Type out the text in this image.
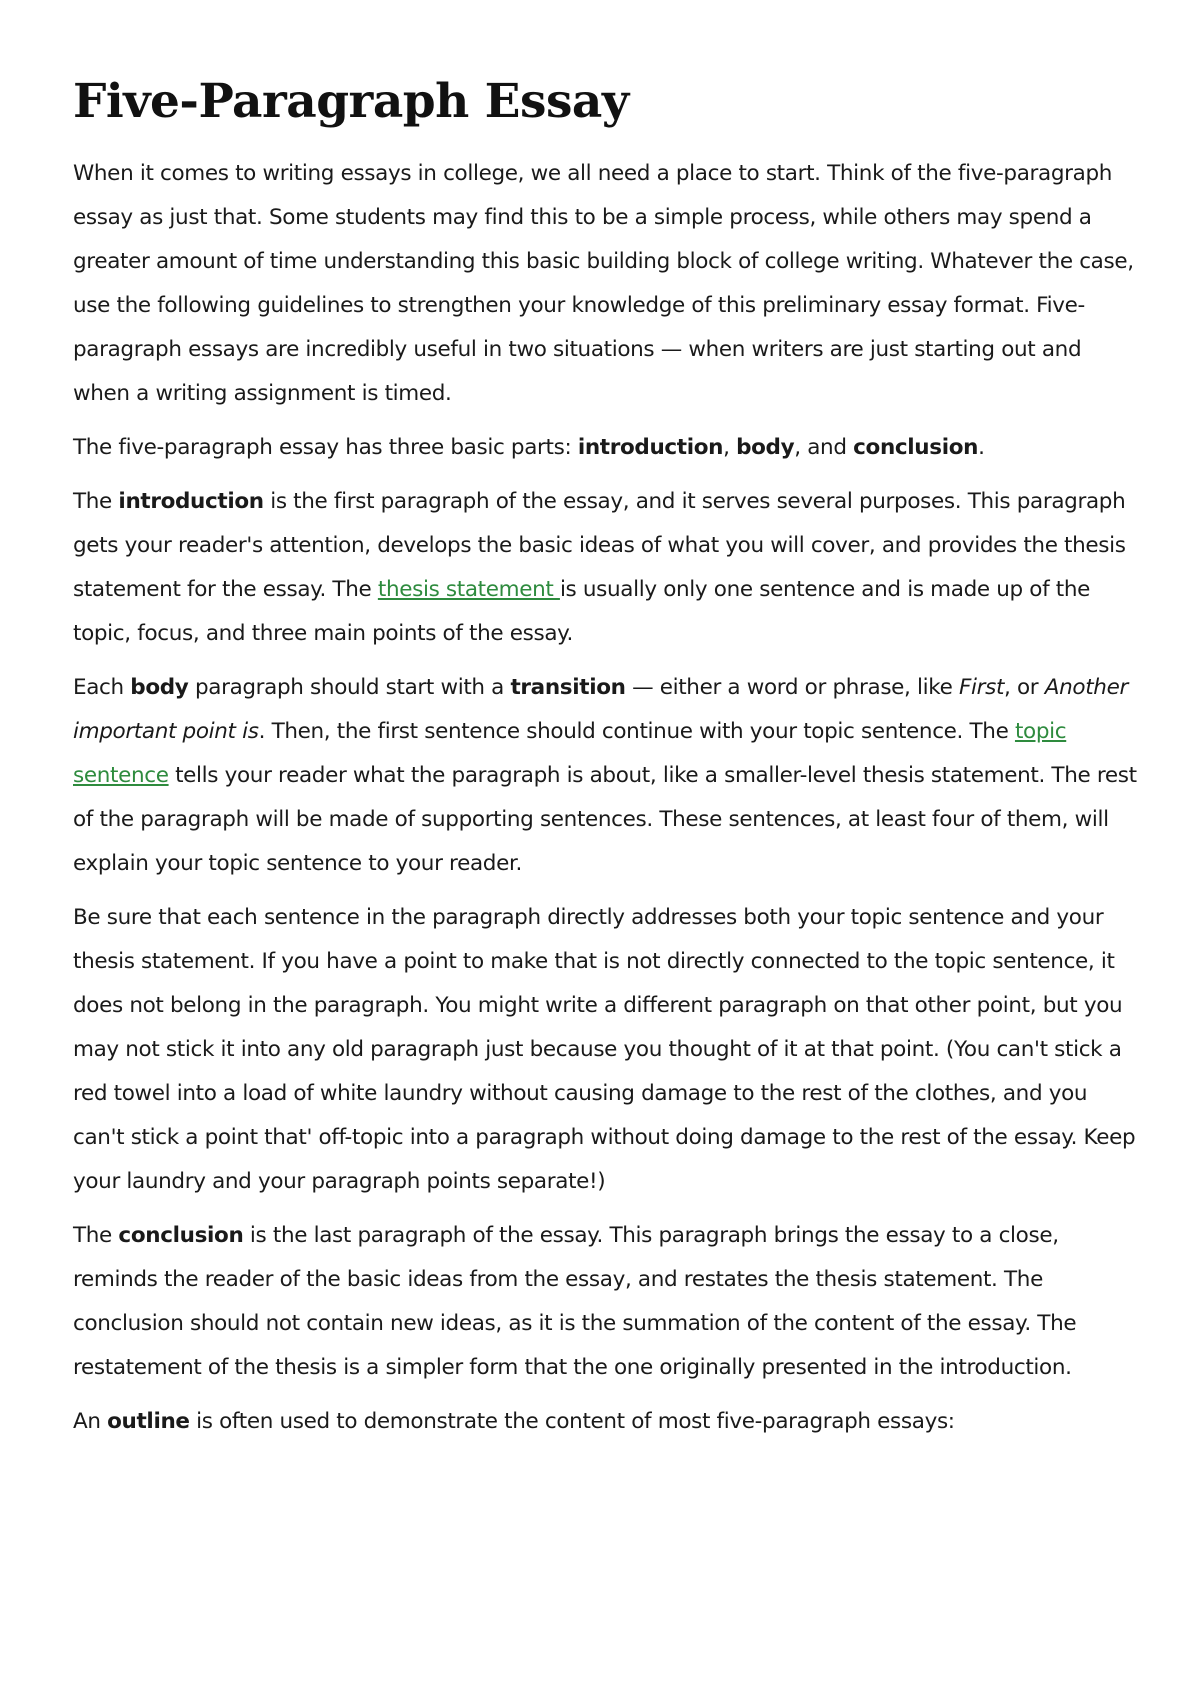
Five-Paragraph Essay

When it comes to writing essays in college, we all need a place to start. Think of the five-paragraph essay as just that. Some students may find this to be a simple process, while others may spend a greater amount of time understanding this basic building block of college writing. Whatever the case, use the following guidelines to strengthen your knowledge of this preliminary essay format. Five-paragraph essays are incredibly useful in two situations — when writers are just starting out and when a writing assignment is timed.

The five-paragraph essay has three basic parts: introduction, body, and conclusion.

The introduction is the first paragraph of the essay, and it serves several purposes. This paragraph gets your reader's attention, develops the basic ideas of what you will cover, and provides the thesis statement for the essay. The thesis statement is usually only one sentence and is made up of the topic, focus, and three main points of the essay.

Each body paragraph should start with a transition — either a word or phrase, like First, or Another important point is. Then, the first sentence should continue with your topic sentence. The topic sentence tells your reader what the paragraph is about, like a smaller-level thesis statement. The rest of the paragraph will be made of supporting sentences. These sentences, at least four of them, will explain your topic sentence to your reader.

Be sure that each sentence in the paragraph directly addresses both your topic sentence and your thesis statement. If you have a point to make that is not directly connected to the topic sentence, it does not belong in the paragraph. You might write a different paragraph on that other point, but you may not stick it into any old paragraph just because you thought of it at that point. (You can't stick a red towel into a load of white laundry without causing damage to the rest of the clothes, and you can't stick a point that' off-topic into a paragraph without doing damage to the rest of the essay. Keep your laundry and your paragraph points separate!)

The conclusion is the last paragraph of the essay. This paragraph brings the essay to a close, reminds the reader of the basic ideas from the essay, and restates the thesis statement. The conclusion should not contain new ideas, as it is the summation of the content of the essay. The restatement of the thesis is a simpler form that the one originally presented in the introduction.

An outline is often used to demonstrate the content of most five-paragraph essays:
